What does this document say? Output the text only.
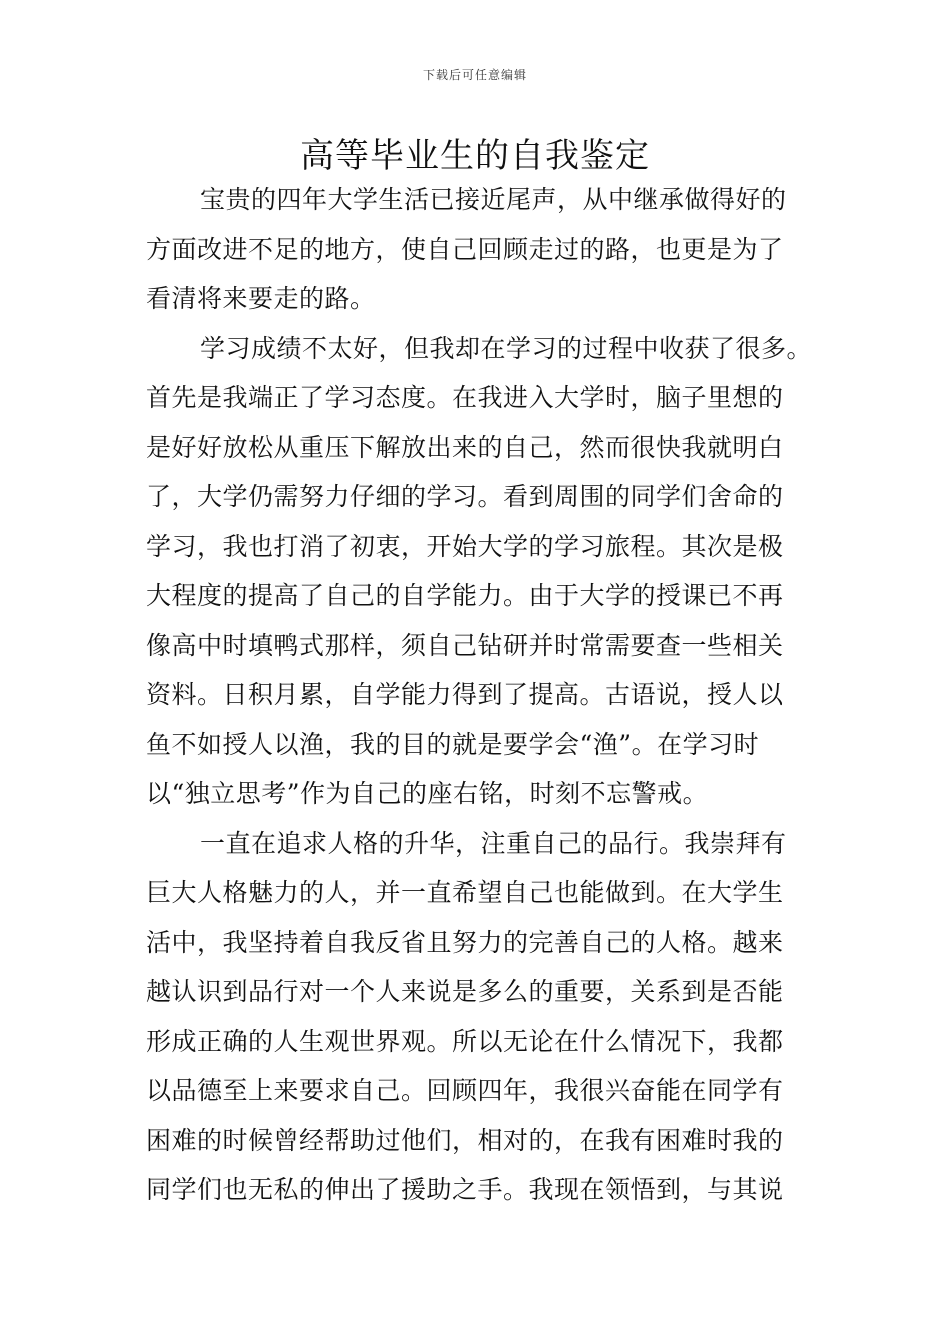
下载后可任意编辑
高等毕业生的自我鉴定
宝贵的四年大学生活已接近尾声，从中继承做得好的
方面改进不足的地方，使自己回顾走过的路，也更是为了
看清将来要走的路。
学习成绩不太好，但我却在学习的过程中收获了很多。
首先是我端正了学习态度。在我进入大学时，脑子里想的
是好好放松从重压下解放出来的自己，然而很快我就明白
了，大学仍需努力仔细的学习。看到周围的同学们舍命的
学习，我也打消了初衷，开始大学的学习旅程。其次是极
大程度的提高了自己的自学能力。由于大学的授课已不再
像高中时填鸭式那样，须自己钻研并时常需要查一些相关
资料。日积月累，自学能力得到了提高。古语说，授人以
鱼不如授人以渔，我的目的就是要学会“渔”。在学习时
以“独立思考”作为自己的座右铭，时刻不忘警戒。
一直在追求人格的升华，注重自己的品行。我崇拜有
巨大人格魅力的人，并一直希望自己也能做到。在大学生
活中，我坚持着自我反省且努力的完善自己的人格。越来
越认识到品行对一个人来说是多么的重要，关系到是否能
形成正确的人生观世界观。所以无论在什么情况下，我都
以品德至上来要求自己。回顾四年，我很兴奋能在同学有
困难的时候曾经帮助过他们，相对的，在我有困难时我的
同学们也无私的伸出了援助之手。我现在领悟到，与其说
